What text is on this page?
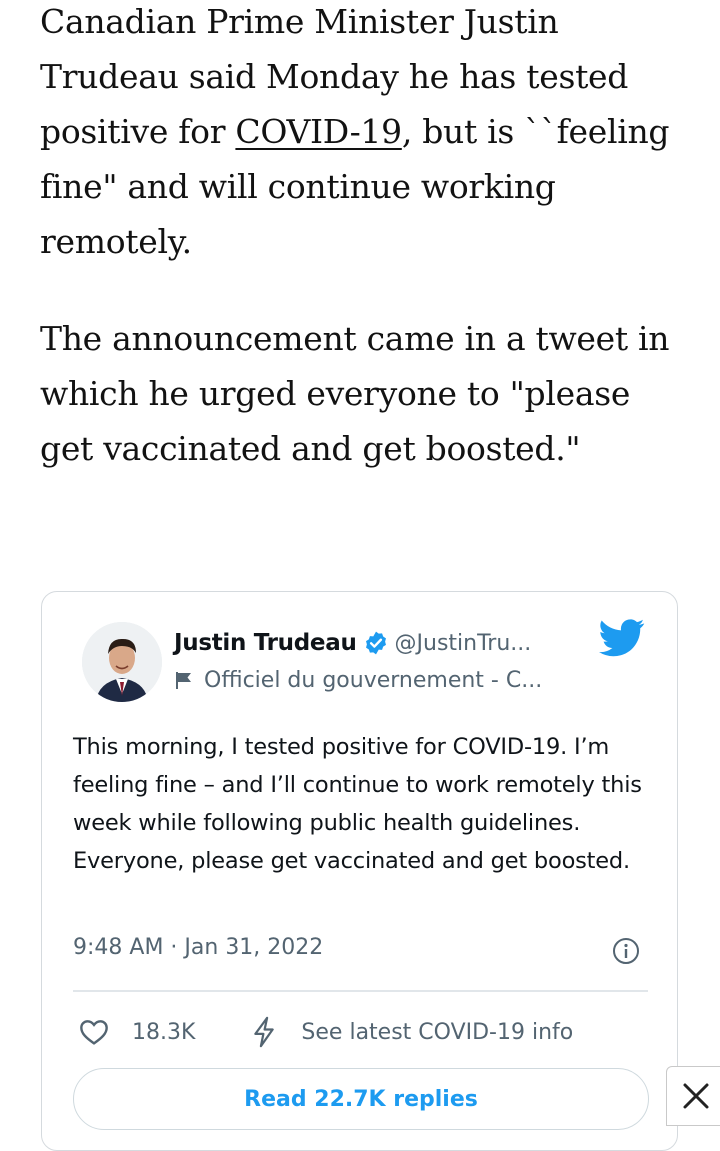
Canadian Prime Minister Justin Trudeau said Monday he has tested positive for COVID-19, but is ``feeling fine" and will continue working remotely.

The announcement came in a tweet in which he urged everyone to "please get vaccinated and get boosted."

Justin Trudeau @JustinTru...
Officiel du gouvernement - C...

This morning, I tested positive for COVID-19. I’m feeling fine – and I’ll continue to work remotely this week while following public health guidelines. Everyone, please get vaccinated and get boosted.

9:48 AM · Jan 31, 2022
18.3K	See latest COVID-19 info
Read 22.7K replies
